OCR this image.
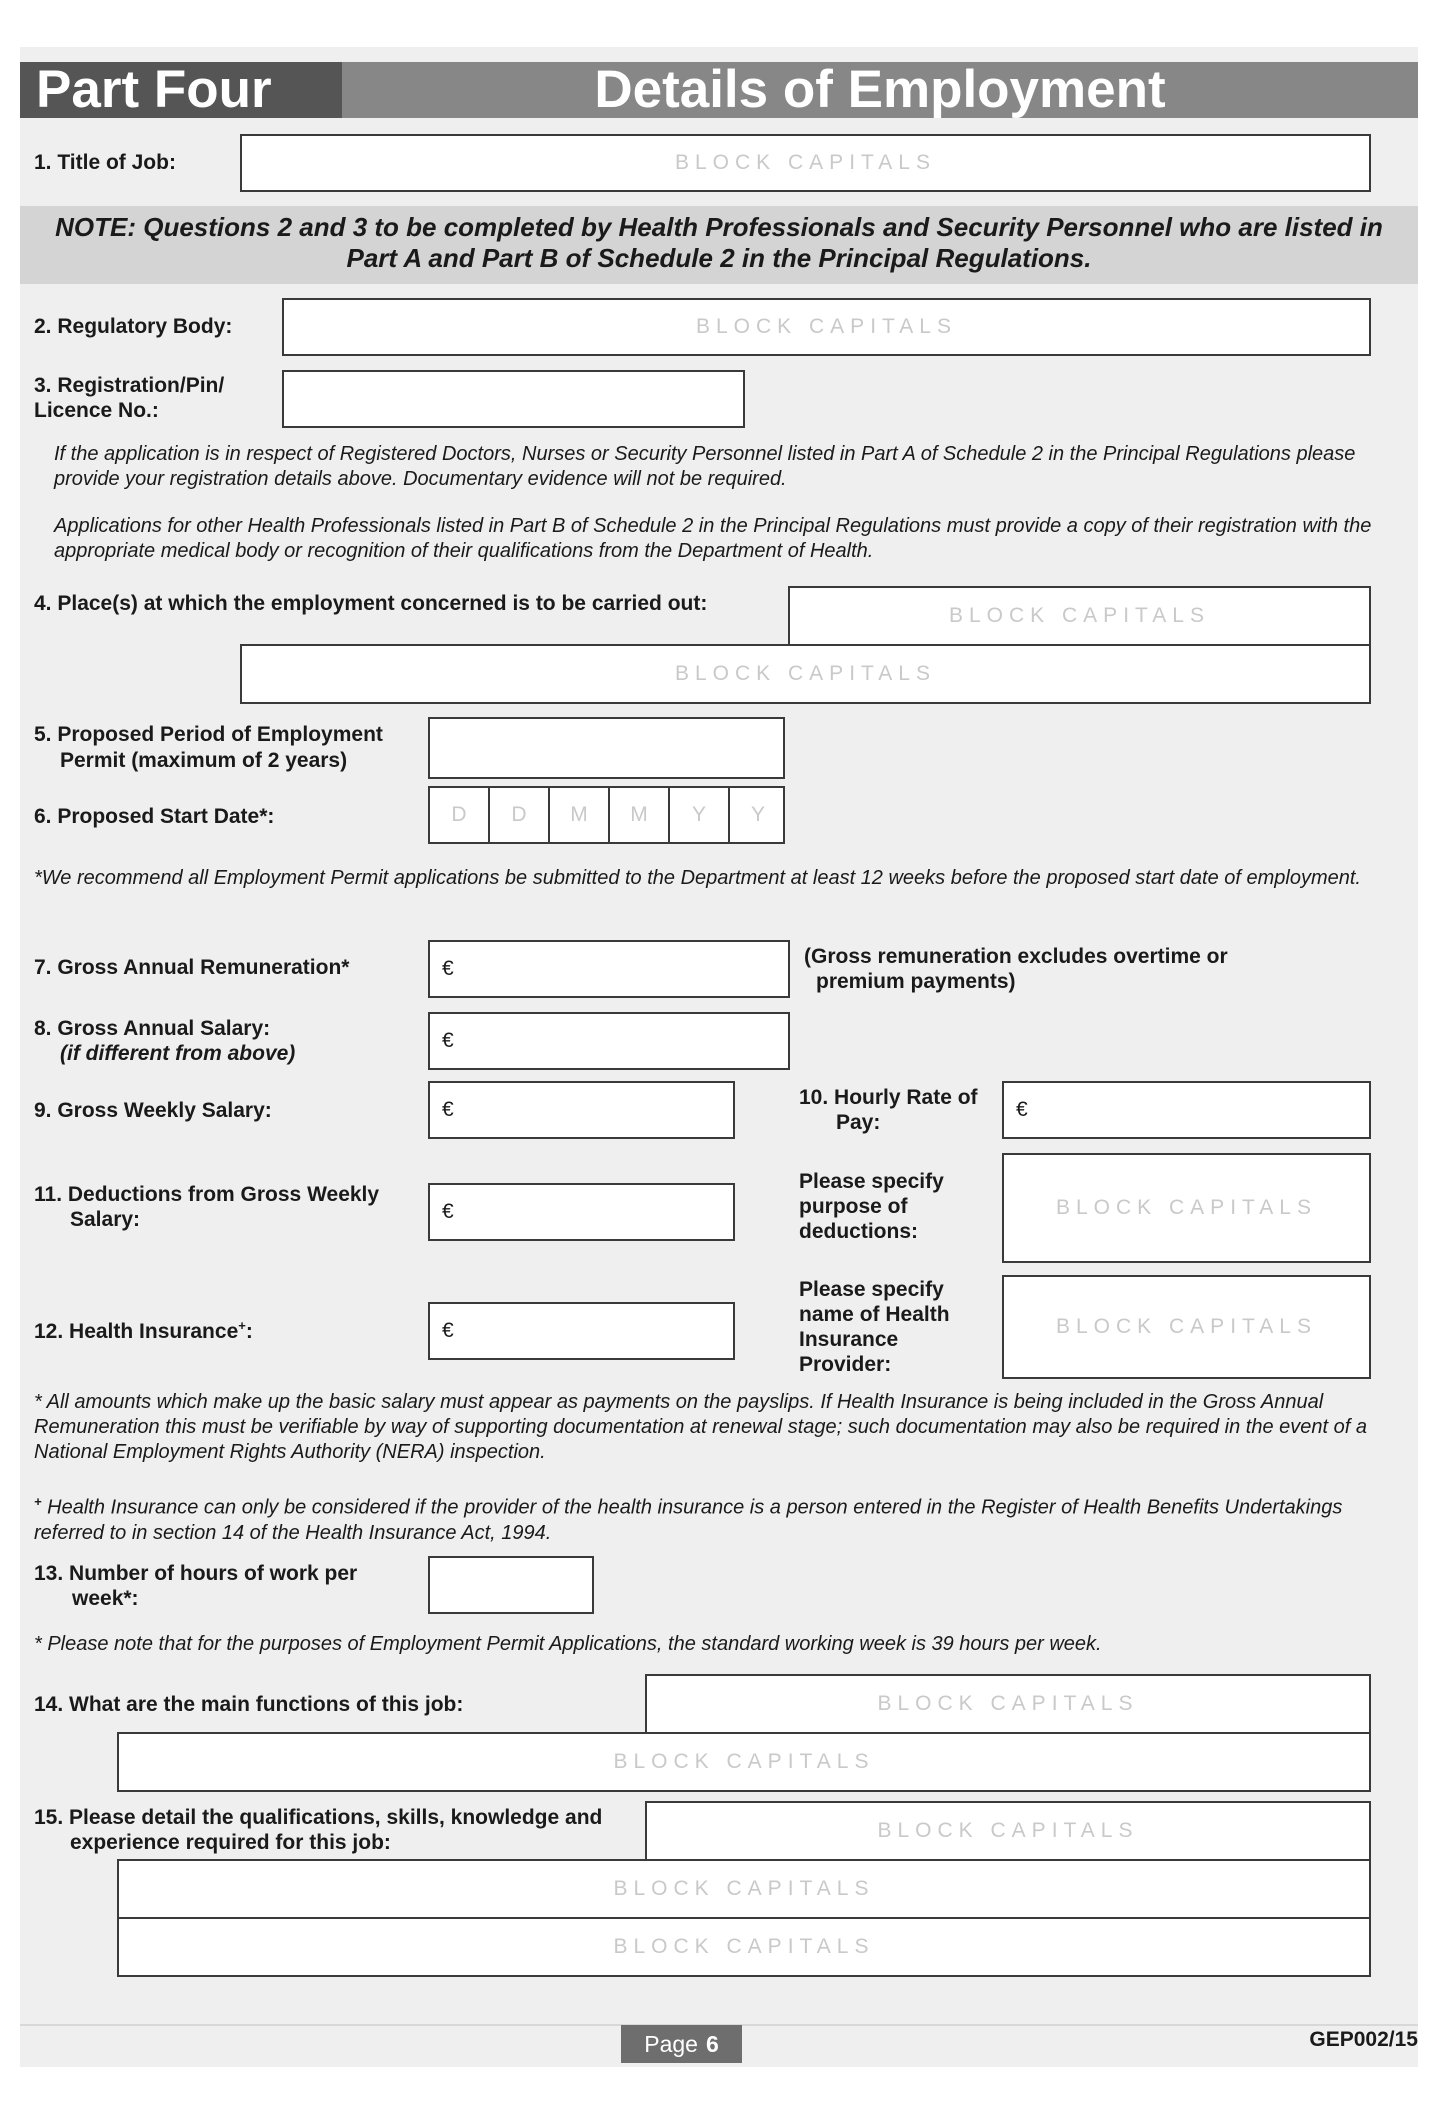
Part Four	Details of Employment
1. Title of Job:	BLOCK CAPITALS
NOTE: Questions 2 and 3 to be completed by Health Professionals and Security Personnel who are listed in Part A and Part B of Schedule 2 in the Principal Regulations.
2. Regulatory Body:	BLOCK CAPITALS
3. Registration/Pin/ Licence No.:
If the application is in respect of Registered Doctors, Nurses or Security Personnel listed in Part A of Schedule 2 in the Principal Regulations please provide your registration details above. Documentary evidence will not be required.
Applications for other Health Professionals listed in Part B of Schedule 2 in the Principal Regulations must provide a copy of their registration with the appropriate medical body or recognition of their qualifications from the Department of Health.
4. Place(s) at which the employment concerned is to be carried out:
BLOCK CAPITALS
BLOCK CAPITALS
5. Proposed Period of Employment
Permit (maximum of 2 years)
6. Proposed Start Date*:	D	D	M	M	Y	Y
*We recommend all Employment Permit applications be submitted to the Department at least 12 weeks before the proposed start date of employment.
7. Gross Annual Remuneration*	€
(Gross remuneration excludes overtime or
premium payments)
8. Gross Annual Salary:
(if different from above)
€
9. Gross Weekly Salary:	€
10. Hourly Rate of
Pay:
€
11. Deductions from Gross Weekly
Salary:	€
Please specify purpose of deductions:
BLOCK CAPITALS
12. Health Insurance+:	€
Please specify name of Health Insurance Provider:
BLOCK CAPITALS
* All amounts which make up the basic salary must appear as payments on the payslips. If Health Insurance is being included in the Gross Annual Remuneration this must be verifiable by way of supporting documentation at renewal stage; such documentation may also be required in the event of a National Employment Rights Authority (NERA) inspection.
+ Health Insurance can only be considered if the provider of the health insurance is a person entered in the Register of Health Benefits Undertakings referred to in section 14 of the Health Insurance Act, 1994.
13. Number of hours of work per
week*:
* Please note that for the purposes of Employment Permit Applications, the standard working week is 39 hours per week.
14. What are the main functions of this job:	BLOCK CAPITALS
BLOCK CAPITALS
15. Please detail the qualifications, skills, knowledge and
experience required for this job:
BLOCK CAPITALS
BLOCK CAPITALS
BLOCK CAPITALS
Page 6	GEP002/15
